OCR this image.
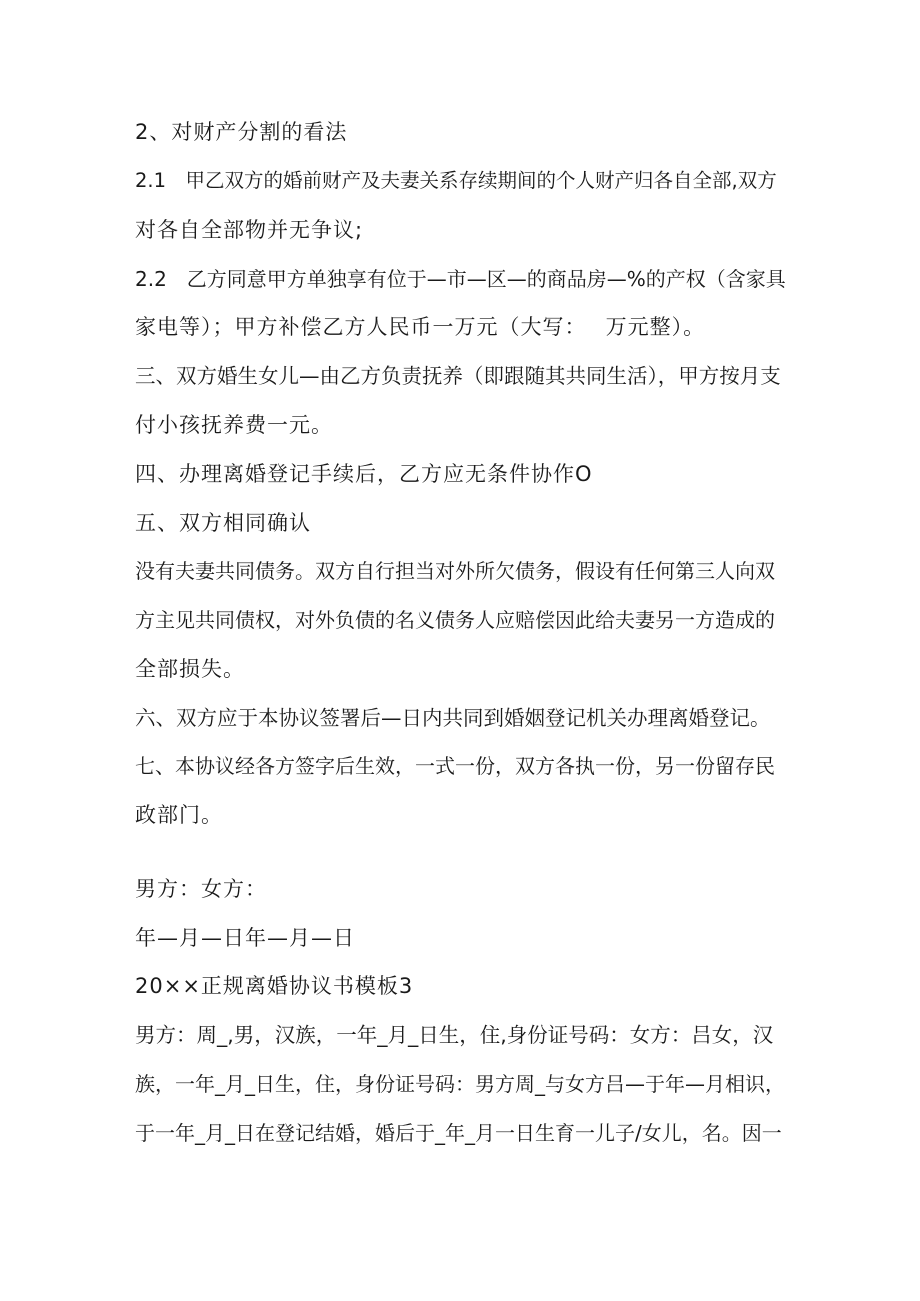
2、对财产分割的看法
2.1　甲乙双方的婚前财产及夫妻关系存续期间的个人财产归各自全部,双方
对各自全部物并无争议;
2.2　乙方同意甲方单独享有位于—市—区—的商品房—%的产权（含家具
家电等）；甲方补偿乙方人民币一万元（大写：　 万元整）。
三、双方婚生女儿—由乙方负责抚养（即跟随其共同生活），甲方按月支
付小孩抚养费一元。
四、办理离婚登记手续后，乙方应无条件协作O
五、双方相同确认
没有夫妻共同债务。双方自行担当对外所欠债务，假设有任何第三人向双
方主见共同债权，对外负债的名义债务人应赔偿因此给夫妻另一方造成的
全部损失。
六、双方应于本协议签署后—日内共同到婚姻登记机关办理离婚登记。
七、本协议经各方签字后生效，一式一份，双方各执一份，另一份留存民
政部门。
男方：女方：
年—月—日年—月—日
20××正规离婚协议书模板3
男方：周_,男，汉族，一年_月_日生，住,身份证号码：女方：吕女，汉
族，一年_月_日生，住，身份证号码：男方周_与女方吕—于年—月相识，
于一年_月_日在登记结婚，婚后于_年_月一日生育一儿子/女儿，名。因一
